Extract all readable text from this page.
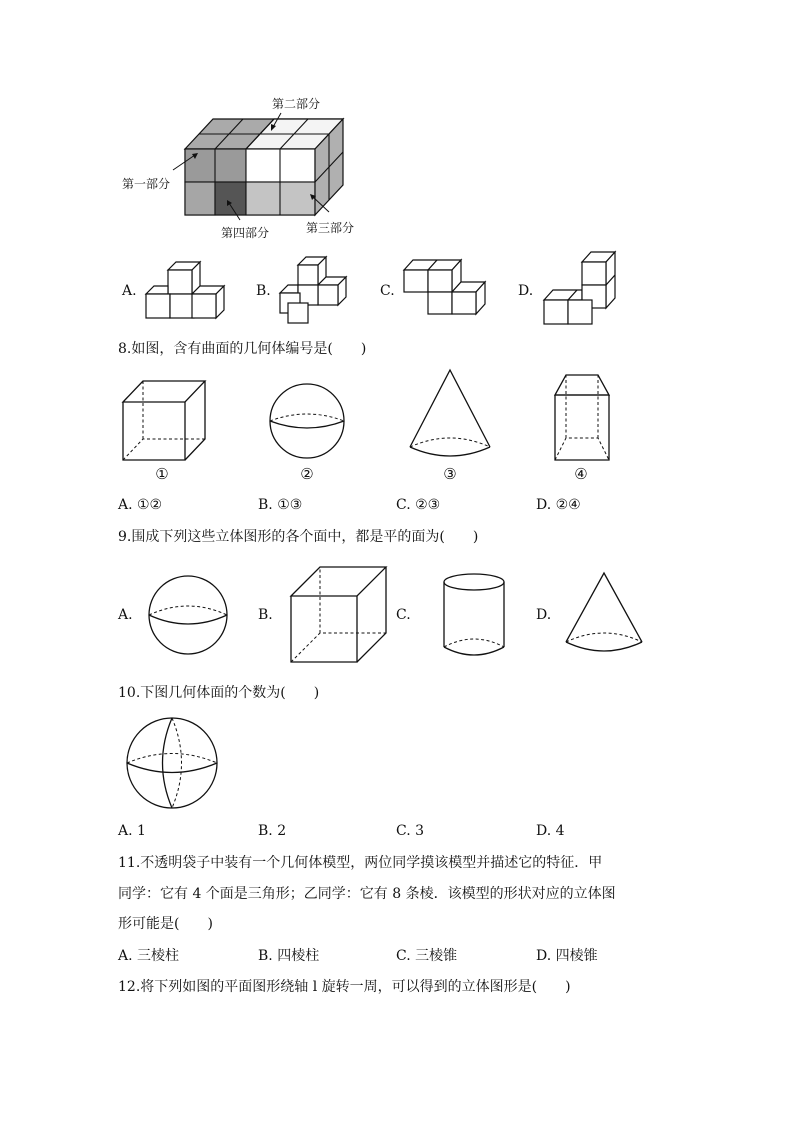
第二部分
第一部分
第四部分	第三部分
A.	B.	C.	D.
8.如图，含有曲面的几何体编号是(　　)
①	②	③	④
A. ①②	B. ①③	C. ②③	D. ②④
9.围成下列这些立体图形的各个面中，都是平的面为(　　)
A.	B.	C.	D.
10.下图几何体面的个数为(　　)
A. 1	B. 2	C. 3	D. 4
11.不透明袋子中装有一个几何体模型，两位同学摸该模型并描述它的特征．甲
同学：它有 4 个面是三角形；乙同学：它有 8 条棱．该模型的形状对应的立体图
形可能是(　　)
A. 三棱柱	B. 四棱柱	C. 三棱锥	D. 四棱锥
12.将下列如图的平面图形绕轴 l 旋转一周，可以得到的立体图形是(　　)
